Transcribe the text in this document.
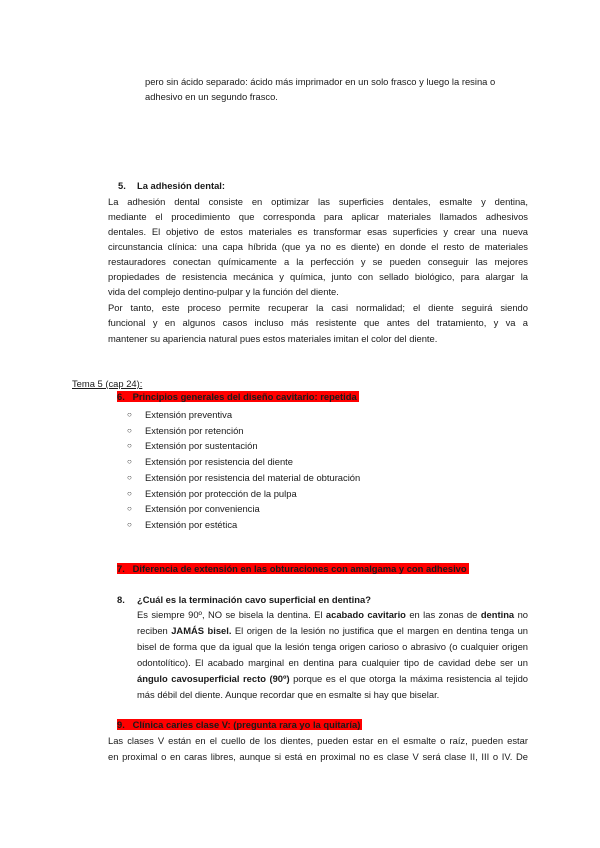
pero sin ácido separado: ácido más imprimador en un solo frasco y luego la resina o
adhesivo en un segundo frasco.
5. La adhesión dental:
La adhesión dental consiste en optimizar las superficies dentales, esmalte y dentina,
mediante el procedimiento que corresponda para aplicar materiales llamados adhesivos
dentales. El objetivo de estos materiales es transformar esas superficies y crear una nueva
circunstancia clínica: una capa híbrida (que ya no es diente) en donde el resto de materiales
restauradores conectan químicamente a la perfección y se pueden conseguir las mejores
propiedades de resistencia mecánica y química, junto con sellado biológico, para alargar la
vida del complejo dentino-pulpar y la función del diente.
Por tanto, este proceso permite recuperar la casi normalidad; el diente seguirá siendo
funcional y en algunos casos incluso más resistente que antes del tratamiento, y va a
mantener su apariencia natural pues estos materiales imitan el color del diente.
Tema 5 (cap 24):
6. Principios generales del diseño cavitario: repetida
○ Extensión preventiva
○ Extensión por retención
○ Extensión por sustentación
○ Extensión por resistencia del diente
○ Extensión por resistencia del material de obturación
○ Extensión por protección de la pulpa
○ Extensión por conveniencia
○ Extensión por estética
7. Diferencia de extensión en las obturaciones con amalgama y con adhesivo
8. ¿Cuál es la terminación cavo superficial en dentina?
Es siempre 90º, NO se bisela la dentina. El acabado cavitario en las zonas de dentina no
reciben JAMÁS bisel. El origen de la lesión no justifica que el margen en dentina tenga un
bisel de forma que da igual que la lesión tenga origen carioso o abrasivo (o cualquier origen
odontolítico). El acabado marginal en dentina para cualquier tipo de cavidad debe ser un
ángulo cavosuperficial recto (90º) porque es el que otorga la máxima resistencia al tejido
más débil del diente. Aunque recordar que en esmalte si hay que biselar.
9. Clínica caries clase V: (pregunta rara yo la quitaría)
Las clases V están en el cuello de los dientes, pueden estar en el esmalte o raíz, pueden estar
en proximal o en caras libres, aunque si está en proximal no es clase V será clase II, III o IV. De
